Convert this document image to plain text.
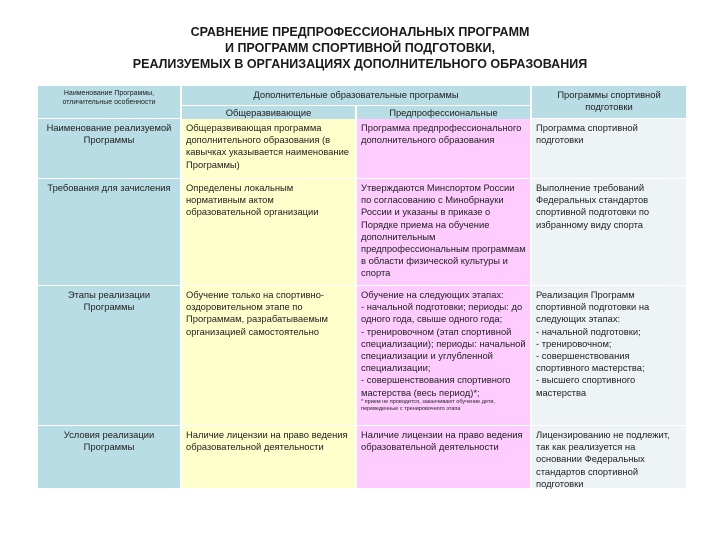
СРАВНЕНИЕ ПРЕДПРОФЕССИОНАЛЬНЫХ ПРОГРАММ
И ПРОГРАММ СПОРТИВНОЙ ПОДГОТОВКИ,
РЕАЛИЗУЕМЫХ В ОРГАНИЗАЦИЯХ ДОПОЛНИТЕЛЬНОГО ОБРАЗОВАНИЯ
Наименование Программы, отличительные особенности
Дополнительные образовательные программы
Общеразвивающие	Предпрофессиональные
Программы спортивной подготовки
Наименование реализуемой Программы
Общеразвивающая программа дополнительного образования (в кавычках указывается наименование Программы)
Программа предпрофессионального дополнительного образования
Программа спортивной подготовки
Требования для зачисления	Определены локальным нормативным актом образовательной организации
Утверждаются Минспортом России по согласованию с Минобрнауки России и указаны в приказе о Порядке приема на обучение дополнительным предпрофессиональным программам в области физической культуры и спорта
Выполнение требований Федеральных стандартов спортивной подготовки по избранному виду спорта
Этапы реализации Программы
Обучение только на спортивно-оздоровительном этапе по Программам, разрабатываемым организацией самостоятельно
Обучение на следующих этапах:
- начальной подготовки; периоды: до одного года, свыше одного года;
- тренировочном (этап спортивной специализации); периоды: начальной специализации и углубленной специализации;
- совершенствования спортивного мастерства (весь период)*;
* прием не проводится, заканчивают обучение дети, переведенные с тренировочного этапа
Реализация Программ спортивной подготовки на следующих этапах:
- начальной подготовки;
- тренировочном;
- совершенствования спортивного мастерства;
- высшего спортивного мастерства
Условия реализации Программы
Наличие лицензии на право ведения образовательной деятельности
Наличие лицензии на право ведения образовательной деятельности
Лицензированию не подлежит, так как реализуется на основании Федеральных стандартов спортивной подготовки
